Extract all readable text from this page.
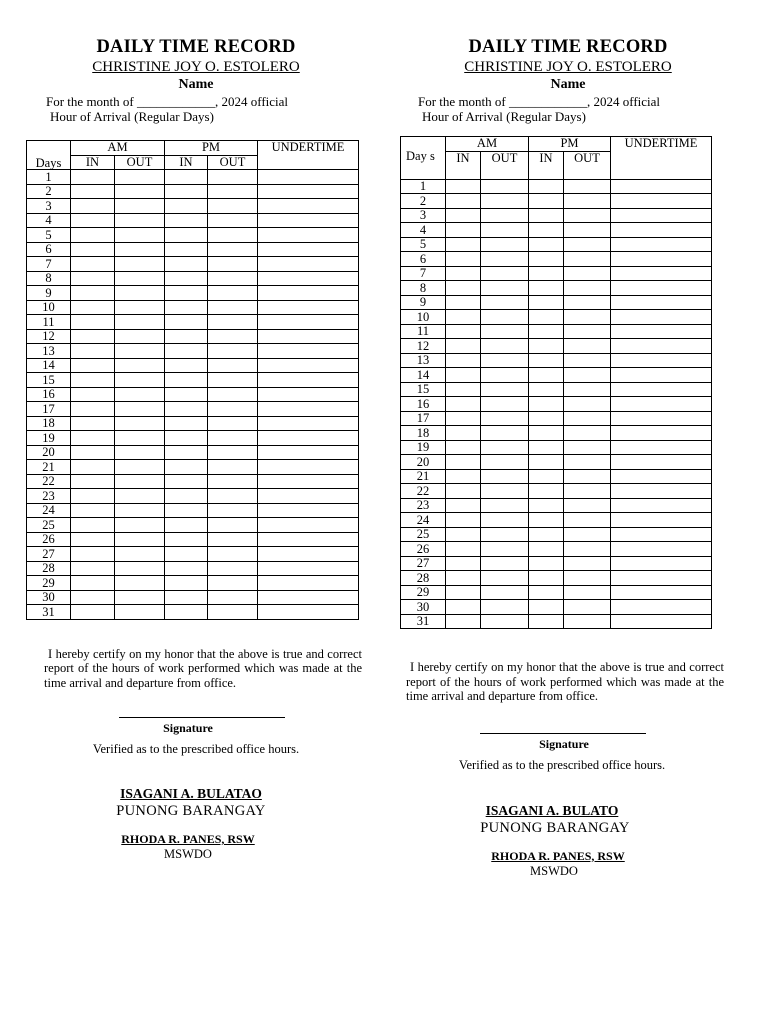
DAILY TIME RECORD
CHRISTINE JOY O. ESTOLERO
Name
For the month of ____________, 2024 official
Hour of Arrival (Regular Days)
Days	AM		PM		UNDERTIME
	IN	OUT	IN	OUT	
1					
2					
3					
4					
5					
6					
7					
8					
9					
10					
11					
12					
13					
14					
15					
16					
17					
18					
19					
20					
21					
22					
23					
24					
25					
26					
27					
28					
29					
30					
31					
I hereby certify on my honor that the above is true and correct report of the hours of work performed which was made at the time arrival and departure from office.
Signature
Verified as to the prescribed office hours.
ISAGANI A. BULATAO
PUNONG BARANGAY
RHODA R. PANES, RSW
MSWDO
DAILY TIME RECORD
CHRISTINE JOY O. ESTOLERO
Name
For the month of ____________, 2024 official
Hour of Arrival (Regular Days)
Day s	AM		PM		UNDERTIME
	IN	OUT	IN	OUT	
1					
2					
3					
4					
5					
6					
7					
8					
9					
10					
11					
12					
13					
14					
15					
16					
17					
18					
19					
20					
21					
22					
23					
24					
25					
26					
27					
28					
29					
30					
31					
I hereby certify on my honor that the above is true and correct report of the hours of work performed which was made at the time arrival and departure from office.
Signature
Verified as to the prescribed office hours.
ISAGANI A. BULATO
PUNONG BARANGAY
RHODA R. PANES, RSW
MSWDO
